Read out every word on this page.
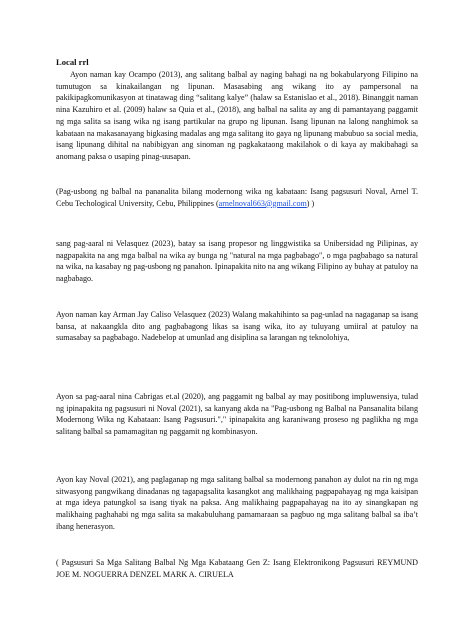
Local rrl

Ayon naman kay Ocampo (2013), ang salitang balbal ay naging bahagi na ng bokabularyong Filipino na tumutugon sa kinakailangan ng lipunan. Masasabing ang wikang ito ay pampersonal na pakikipagkomunikasyon at tinatawag ding “salitang kalye” (halaw sa Estanislao et al., 2018). Binanggit naman nina Kazuhiro et al. (2009) halaw sa Quia et al., (2018), ang balbal na salita ay ang di pamantayang paggamit ng mga salita sa isang wika ng isang partikular na grupo ng lipunan. Isang lipunan na lalong nanghimok sa kabataan na makasanayang bigkasing madalas ang mga salitang ito gaya ng lipunang mabubuo sa social media, isang lipunang dihital na nabibigyan ang sinoman ng pagkakataong makilahok o di kaya ay makibahagi sa anomang paksa o usaping pinag-uusapan.

(Pag-usbong ng balbal na pananalita bilang modernong wika ng kabataan: Isang pagsusuri Noval, Arnel T. Cebu Techological University, Cebu, Philippines (arnelnoval663@gmail.com) )

sang pag-aaral ni Velasquez (2023), batay sa isang propesor ng linggwistika sa Unibersidad ng Pilipinas, ay nagpapakita na ang mga balbal na wika ay bunga ng "natural na mga pagbabago", o mga pagbabago sa natural na wika, na kasabay ng pag-usbong ng panahon. Ipinapakita nito na ang wikang Filipino ay buhay at patuloy na nagbabago.

Ayon naman kay Arman Jay Caliso Velasquez (2023) Walang makahihinto sa pag-unlad na nagaganap sa isang bansa, at nakaangkla dito ang pagbabagong likas sa isang wika, ito ay tuluyang umiiral at patuloy na sumasabay sa pagbabago. Nadebelop at umunlad ang disiplina sa larangan ng teknolohiya,

Ayon sa pag-aaral nina Cabrigas et.al (2020), ang paggamit ng balbal ay may positibong impluwensiya, tulad ng ipinapakita ng pagsusuri ni Noval (2021), sa kanyang akda na "Pag-usbong ng Balbal na Pansanalita bilang Modernong Wika ng Kabataan: Isang Pagsusuri."," ipinapakita ang karaniwang proseso ng paglikha ng mga salitang balbal sa pamamagitan ng paggamit ng kombinasyon.

Ayon kay Noval (2021), ang paglaganap ng mga salitang balbal sa modernong panahon ay dulot na rin ng mga sitwasyong pangwikang dinadanas ng tagapagsalita kasangkot ang malikhaing pagpapahayag ng mga kaisipan at mga ideya patungkol sa isang tiyak na paksa. Ang malikhaing pagpapahayag na ito ay sinangkapan ng malikhaing paghahabi ng mga salita sa makabuluhang pamamaraan sa pagbuo ng mga salitang balbal sa iba’t ibang henerasyon.

( Pagsusuri Sa Mga Salitang Balbal Ng Mga Kabataang Gen Z: Isang Elektronikong Pagsusuri REYMUND JOE M. NOGUERRA DENZEL MARK A. CIRUELA
